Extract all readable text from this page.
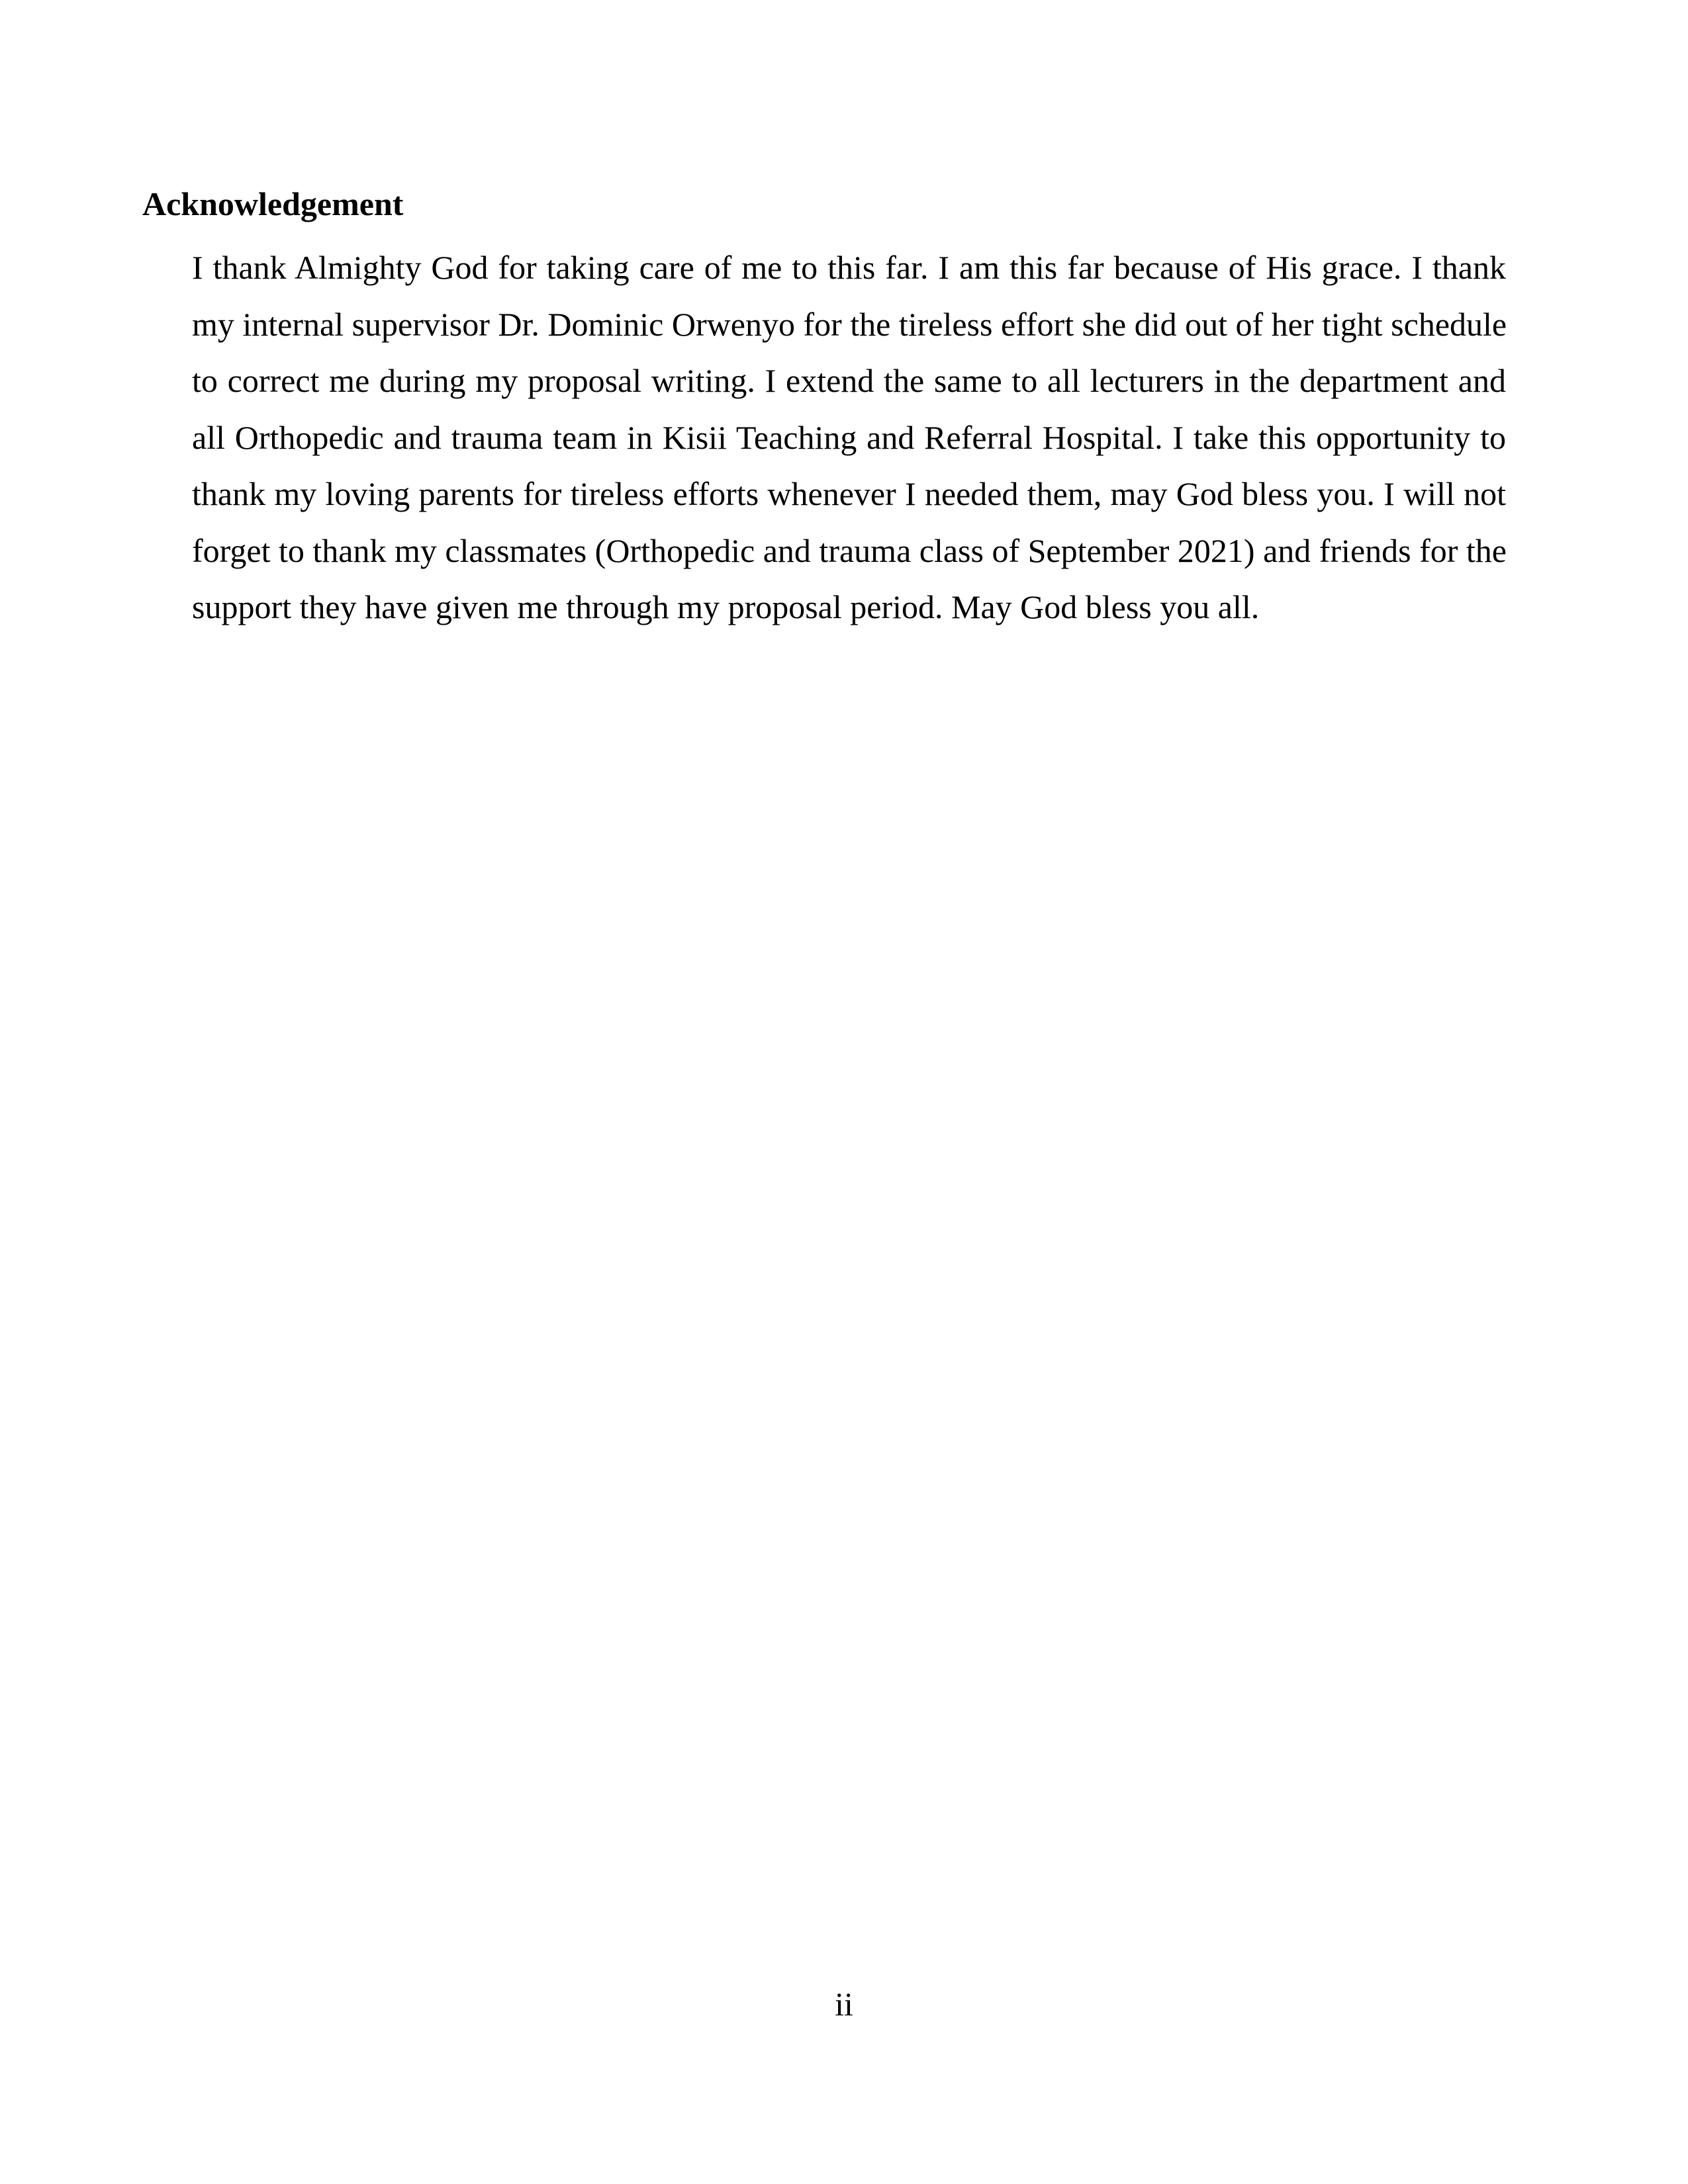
Acknowledgement
I thank Almighty God for taking care of me to this far. I am this far because of His grace. I thank
my internal supervisor Dr. Dominic Orwenyo for the tireless effort she did out of her tight schedule
to correct me during my proposal writing. I extend the same to all lecturers in the department and
all Orthopedic and trauma team in Kisii Teaching and Referral Hospital. I take this opportunity to
thank my loving parents for tireless efforts whenever I needed them, may God bless you. I will not
forget to thank my classmates (Orthopedic and trauma class of September 2021) and friends for the
support they have given me through my proposal period. May God bless you all.
ii
